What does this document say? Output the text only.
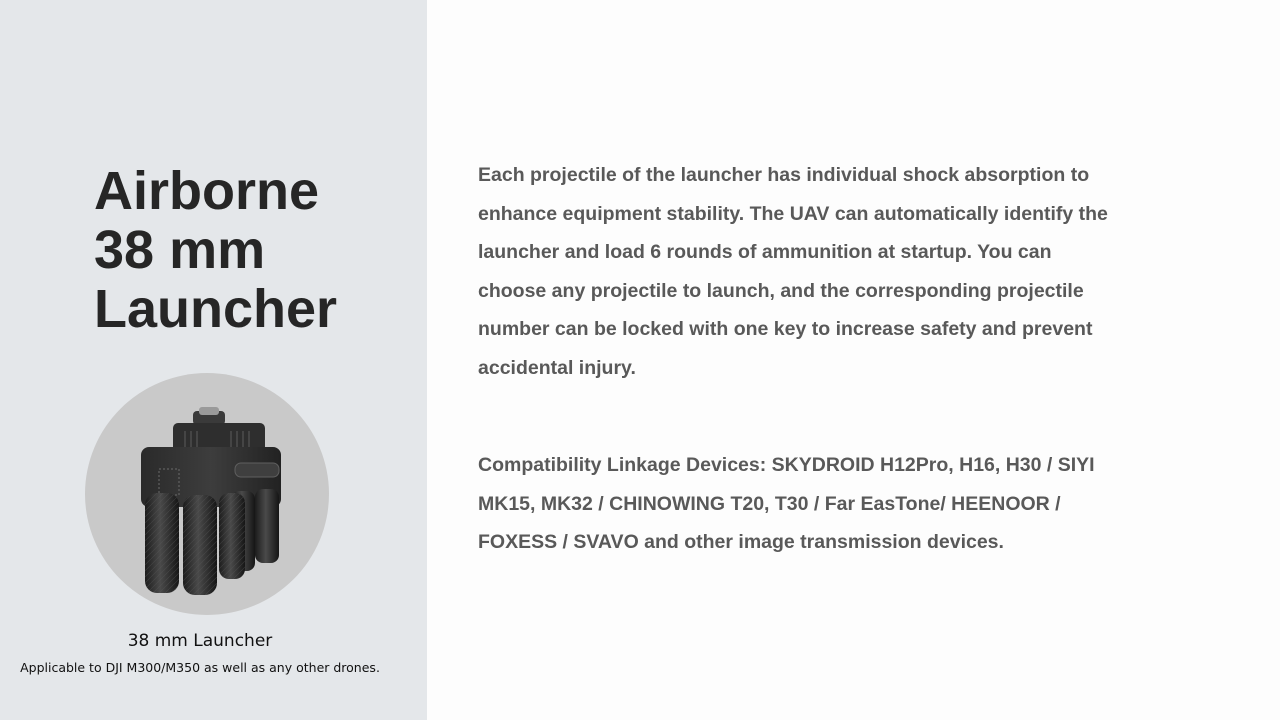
Airborne
38 mm
Launcher
38 mm Launcher
Applicable to DJI M300/M350 as well as any other drones.

Each projectile of the launcher has individual shock absorption to
enhance equipment stability. The UAV can automatically identify the
launcher and load 6 rounds of ammunition at startup. You can
choose any projectile to launch, and the corresponding projectile
number can be locked with one key to increase safety and prevent
accidental injury.

Compatibility Linkage Devices: SKYDROID H12Pro, H16, H30 / SIYI
MK15, MK32 / CHINOWING T20, T30 / Far EasTone/ HEENOOR /
FOXESS / SVAVO and other image transmission devices.
